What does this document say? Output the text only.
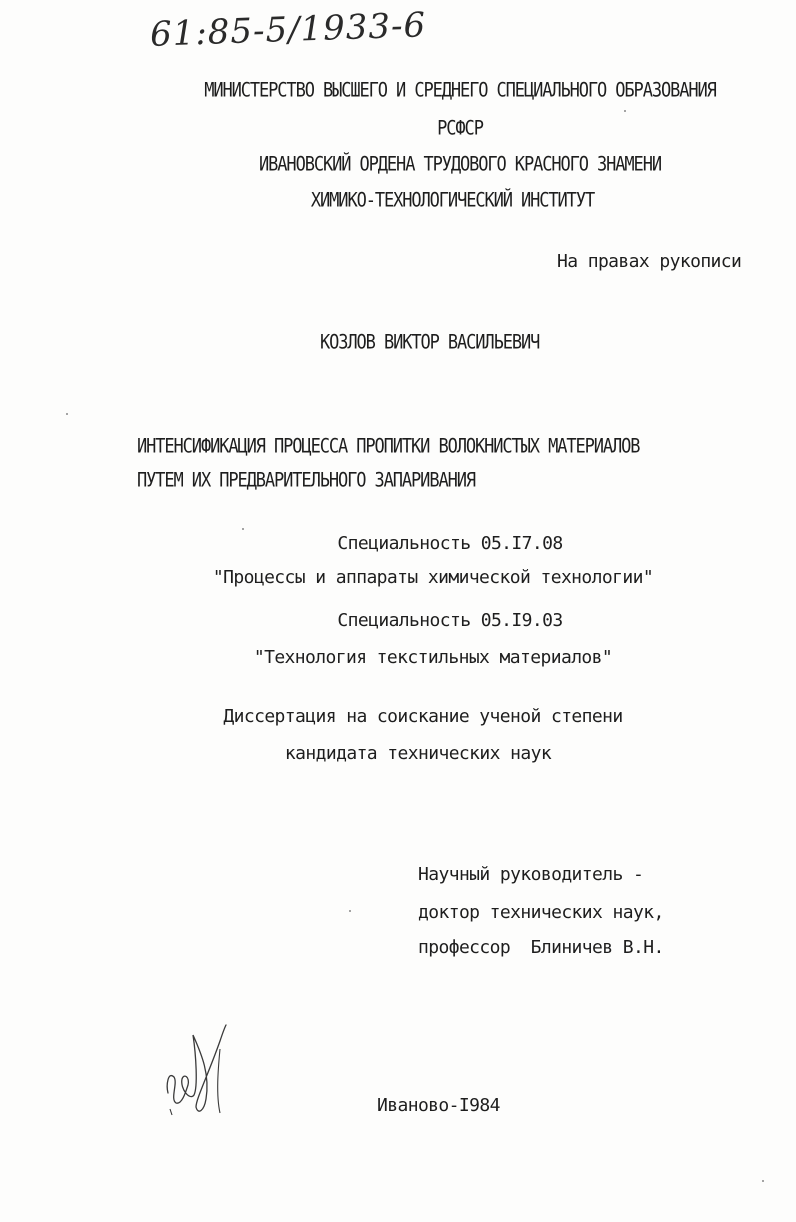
61:85-5/1933-6
МИНИСТЕРСТВО ВЫСШЕГО И СРЕДНЕГО СПЕЦИАЛЬНОГО ОБРАЗОВАНИЯ
РСФСР
ИВАНОВСКИЙ ОРДЕНА ТРУДОВОГО КРАСНОГО ЗНАМЕНИ
ХИМИКО-ТЕХНОЛОГИЧЕСКИЙ ИНСТИТУТ
На правах рукописи
КОЗЛОВ ВИКТОР ВАСИЛЬЕВИЧ
ИНТЕНСИФИКАЦИЯ ПРОЦЕССА ПРОПИТКИ ВОЛОКНИСТЫХ МАТЕРИАЛОВ
ПУТЕМ ИХ ПРЕДВАРИТЕЛЬНОГО ЗАПАРИВАНИЯ
Специальность 05.I7.08
"Процессы и аппараты химической технологии"
Специальность 05.I9.03
"Технология текстильных материалов"
Диссертация на соискание ученой степени
кандидата технических наук
Научный руководитель -
доктор технических наук,
профессор  Блиничев В.Н.
Иваново-I984
